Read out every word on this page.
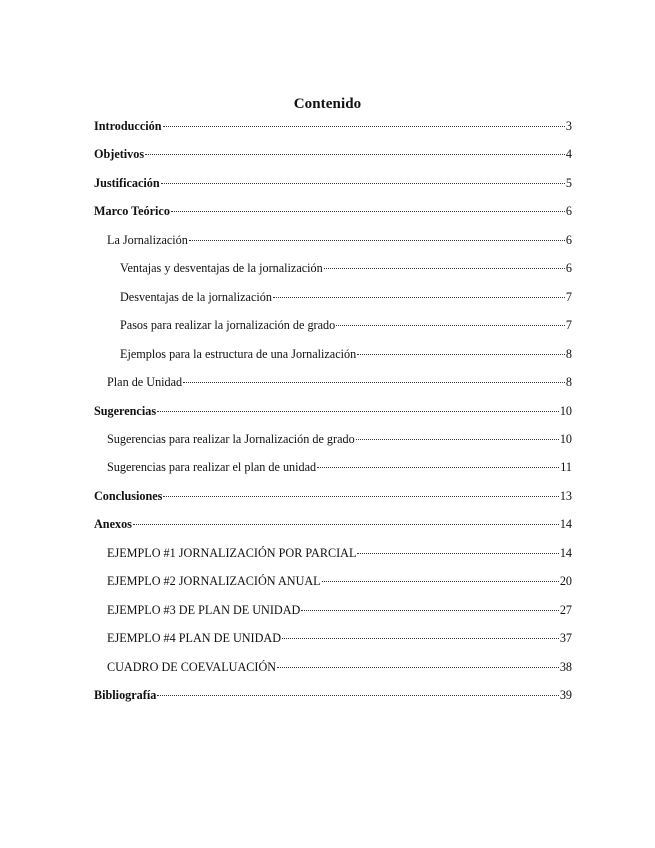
Contenido
Introducción	3
Objetivos	4
Justificación	5
Marco Teórico	6
La Jornalización	6
Ventajas y desventajas de la jornalización	6
Desventajas de la jornalización	7
Pasos para realizar la jornalización de grado	7
Ejemplos para la estructura de una Jornalización	8
Plan de Unidad	8
Sugerencias	10
Sugerencias para realizar la Jornalización de grado	10
Sugerencias para realizar el plan de unidad	11
Conclusiones	13
Anexos	14
EJEMPLO #1 JORNALIZACIÓN POR PARCIAL	14
EJEMPLO #2 JORNALIZACIÓN ANUAL	20
EJEMPLO #3 DE PLAN DE UNIDAD	27
EJEMPLO #4 PLAN DE UNIDAD	37
CUADRO DE COEVALUACIÓN	38
Bibliografía	39
